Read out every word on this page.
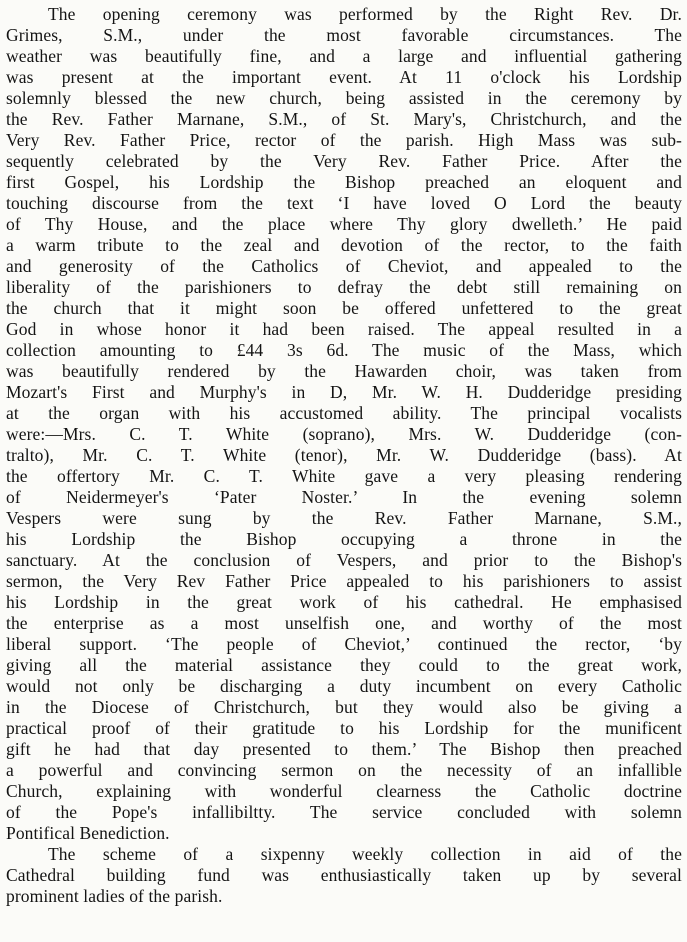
The opening ceremony was performed by the Right Rev. Dr.
Grimes, S.M., under the most favorable circumstances. The
weather was beautifully fine, and a large and influential gathering
was present at the important event. At 11 o'clock his Lordship
solemnly blessed the new church, being assisted in the ceremony by
the Rev. Father Marnane, S.M., of St. Mary's, Christchurch, and the
Very Rev. Father Price, rector of the parish. High Mass was sub-
sequently celebrated by the Very Rev. Father Price. After the
first Gospel, his Lordship the Bishop preached an eloquent and
touching discourse from the text ‘I have loved O Lord the beauty
of Thy House, and the place where Thy glory dwelleth.’ He paid
a warm tribute to the zeal and devotion of the rector, to the faith
and generosity of the Catholics of Cheviot, and appealed to the
liberality of the parishioners to defray the debt still remaining on
the church that it might soon be offered unfettered to the great
God in whose honor it had been raised. The appeal resulted in a
collection amounting to £44 3s 6d. The music of the Mass, which
was beautifully rendered by the Hawarden choir, was taken from
Mozart's First and Murphy's in D, Mr. W. H. Dudderidge presiding
at the organ with his accustomed ability. The principal vocalists
were:—Mrs. C. T. White (soprano), Mrs. W. Dudderidge (con-
tralto), Mr. C. T. White (tenor), Mr. W. Dudderidge (bass). At
the offertory Mr. C. T. White gave a very pleasing rendering
of Neidermeyer's ‘Pater Noster.’ In the evening solemn
Vespers were sung by the Rev. Father Marnane, S.M.,
his Lordship the Bishop occupying a throne in the
sanctuary. At the conclusion of Vespers, and prior to the Bishop's
sermon, the Very Rev Father Price appealed to his parishioners to assist
his Lordship in the great work of his cathedral. He emphasised
the enterprise as a most unselfish one, and worthy of the most
liberal support. ‘The people of Cheviot,’ continued the rector, ‘by
giving all the material assistance they could to the great work,
would not only be discharging a duty incumbent on every Catholic
in the Diocese of Christchurch, but they would also be giving a
practical proof of their gratitude to his Lordship for the munificent
gift he had that day presented to them.’ The Bishop then preached
a powerful and convincing sermon on the necessity of an infallible
Church, explaining with wonderful clearness the Catholic doctrine
of the Pope's infallibiltty. The service concluded with solemn
Pontifical Benediction.
The scheme of a sixpenny weekly collection in aid of the
Cathedral building fund was enthusiastically taken up by several
prominent ladies of the parish.
